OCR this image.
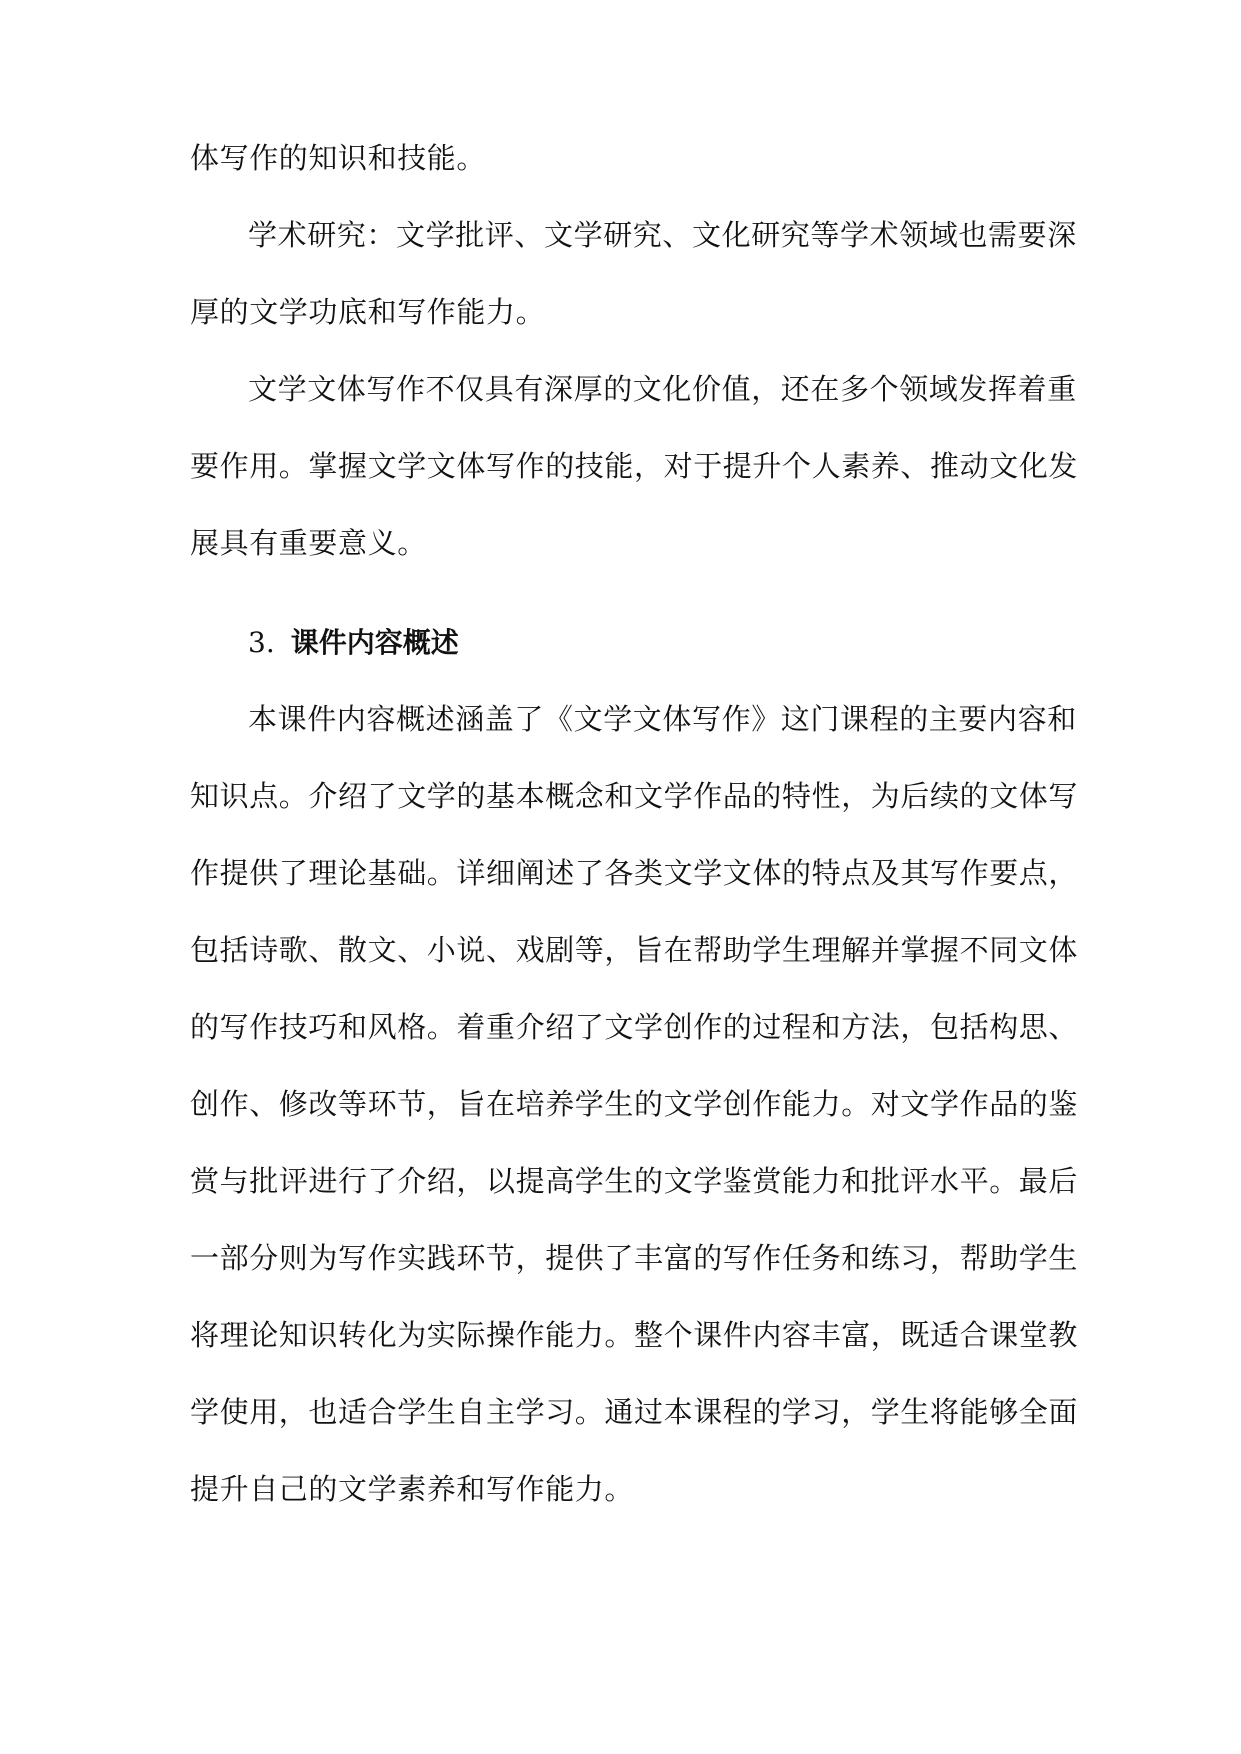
体写作的知识和技能。
学术研究：文学批评、文学研究、文化研究等学术领域也需要深
厚的文学功底和写作能力。
文学文体写作不仅具有深厚的文化价值，还在多个领域发挥着重
要作用。掌握文学文体写作的技能，对于提升个人素养、推动文化发
展具有重要意义。
3. 课件内容概述
本课件内容概述涵盖了《文学文体写作》这门课程的主要内容和
知识点。介绍了文学的基本概念和文学作品的特性，为后续的文体写
作提供了理论基础。详细阐述了各类文学文体的特点及其写作要点，
包括诗歌、散文、小说、戏剧等，旨在帮助学生理解并掌握不同文体
的写作技巧和风格。着重介绍了文学创作的过程和方法，包括构思、
创作、修改等环节，旨在培养学生的文学创作能力。对文学作品的鉴
赏与批评进行了介绍，以提高学生的文学鉴赏能力和批评水平。最后
一部分则为写作实践环节，提供了丰富的写作任务和练习，帮助学生
将理论知识转化为实际操作能力。整个课件内容丰富，既适合课堂教
学使用，也适合学生自主学习。通过本课程的学习，学生将能够全面
提升自己的文学素养和写作能力。
